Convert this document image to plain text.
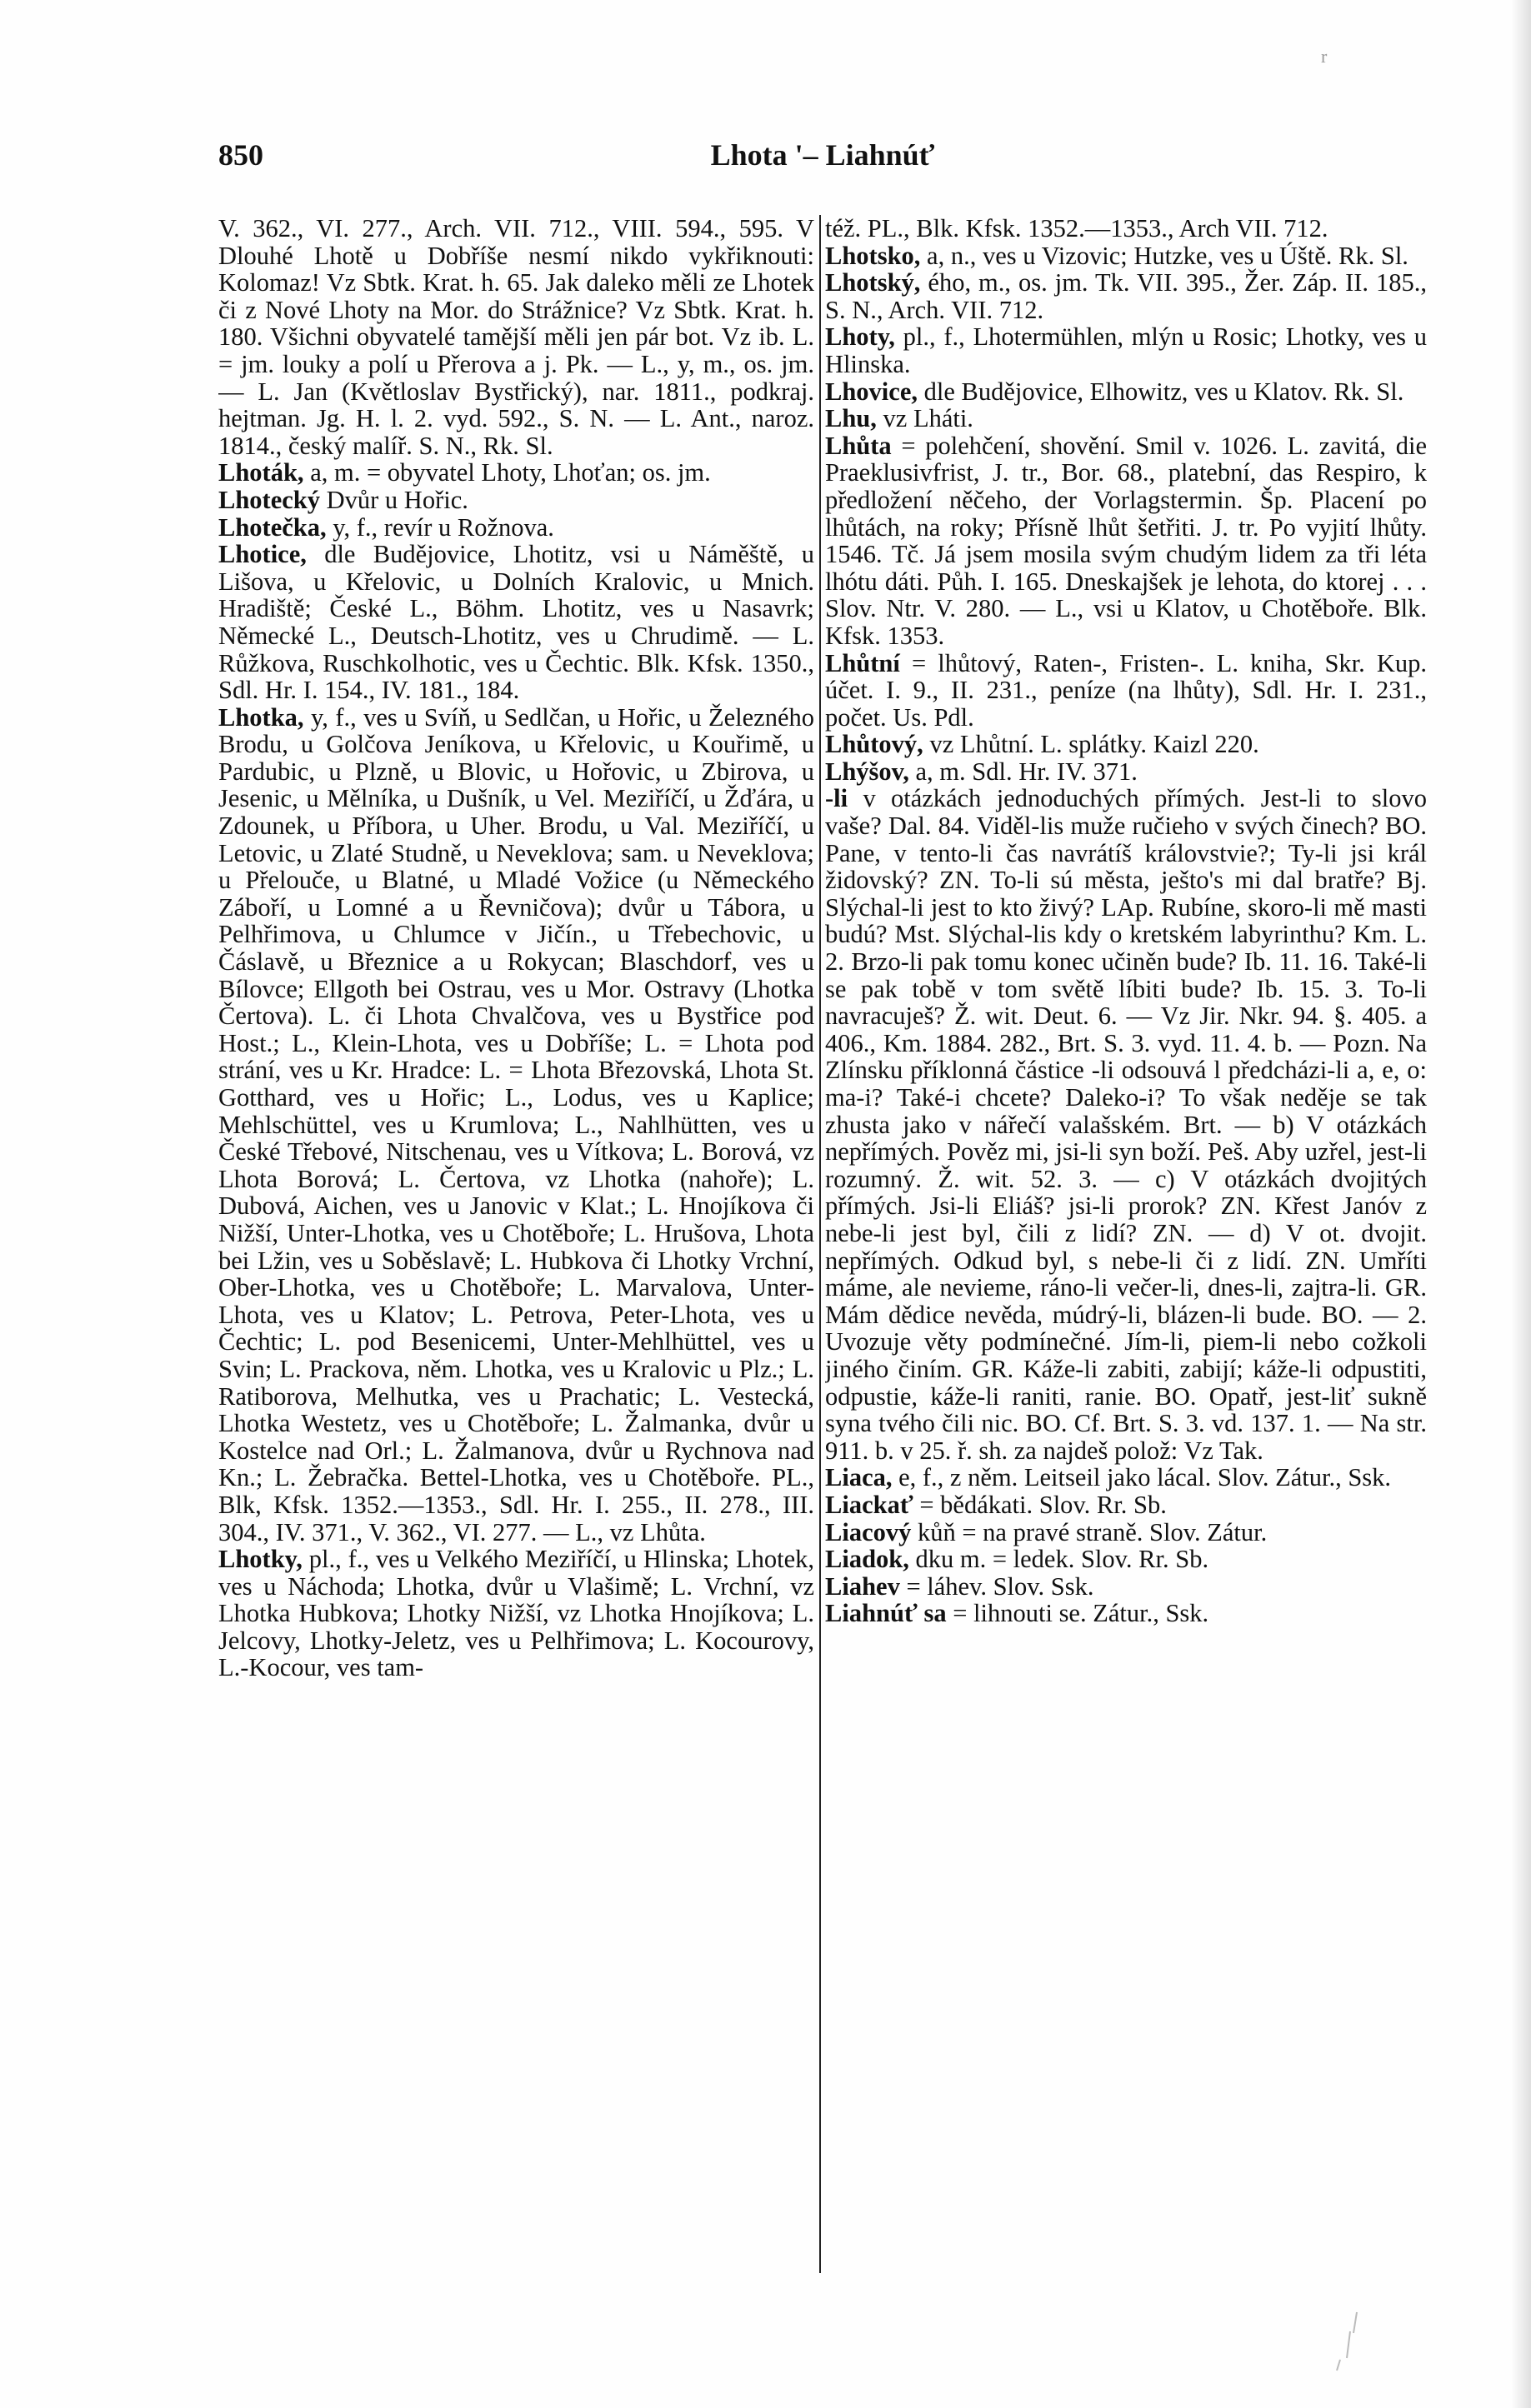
r
850	Lhota '– Liahnúť

V. 362., VI. 277., Arch. VII. 712., VIII. 594., 595. V Dlouhé Lhotě u Dobříše nesmí nikdo vykřiknouti: Kolomaz! Vz Sbtk. Krat. h. 65. Jak daleko měli ze Lhotek či z Nové Lhoty na Mor. do Strážnice? Vz Sbtk. Krat. h. 180. Všichni obyvatelé tamější měli jen pár bot. Vz ib. L. = jm. louky a polí u Přerova a j. Pk. — L., y, m., os. jm. — L. Jan (Květloslav Bystřický), nar. 1811., podkraj. hejtman. Jg. H. l. 2. vyd. 592., S. N. — L. Ant., naroz. 1814., český malíř. S. N., Rk. Sl.

Lhoták, a, m. = obyvatel Lhoty, Lhoťan; os. jm.

Lhotecký Dvůr u Hořic.

Lhotečka, y, f., revír u Rožnova.

Lhotice, dle Budějovice, Lhotitz, vsi u Náměště, u Lišova, u Křelovic, u Dolních Kralovic, u Mnich. Hradiště; České L., Böhm. Lhotitz, ves u Nasavrk; Německé L., Deutsch-Lhotitz, ves u Chrudimě. — L. Růžkova, Ruschkolhotic, ves u Čechtic. Blk. Kfsk. 1350., Sdl. Hr. I. 154., IV. 181., 184.

Lhotka, y, f., ves u Svíň, u Sedlčan, u Hořic, u Železného Brodu, u Golčova Jeníkova, u Křelovic, u Kouřimě, u Pardubic, u Plzně, u Blovic, u Hořovic, u Zbirova, u Jesenic, u Mělníka, u Dušník, u Vel. Meziříčí, u Žďára, u Zdounek, u Příbora, u Uher. Brodu, u Val. Meziříčí, u Letovic, u Zlaté Studně, u Neveklova; sam. u Neveklova; u Přelouče, u Blatné, u Mladé Vožice (u Německého Záboří, u Lomné a u Řevničova); dvůr u Tábora, u Pelhřimova, u Chlumce v Jičín., u Třebechovic, u Čáslavě, u Březnice a u Rokycan; Blaschdorf, ves u Bílovce; Ellgoth bei Ostrau, ves u Mor. Ostravy (Lhotka Čertova). L. či Lhota Chvalčova, ves u Bystřice pod Host.; L., Klein-Lhota, ves u Dobříše; L. = Lhota pod strání, ves u Kr. Hradce: L. = Lhota Březovská, Lhota St. Gotthard, ves u Hořic; L., Lodus, ves u Kaplice; Mehlschüttel, ves u Krumlova; L., Nahlhütten, ves u České Třebové, Nitschenau, ves u Vítkova; L. Borová, vz Lhota Borová; L. Čertova, vz Lhotka (nahoře); L. Dubová, Aichen, ves u Janovic v Klat.; L. Hnojíkova či Nižší, Unter-Lhotka, ves u Chotěboře; L. Hrušova, Lhota bei Lžin, ves u Soběslavě; L. Hubkova či Lhotky Vrchní, Ober-Lhotka, ves u Chotěboře; L. Marvalova, Unter-Lhota, ves u Klatov; L. Petrova, Peter-Lhota, ves u Čechtic; L. pod Besenicemi, Unter-Mehlhüttel, ves u Svin; L. Prackova, něm. Lhotka, ves u Kralovic u Plz.; L. Ratiborova, Melhutka, ves u Prachatic; L. Vestecká, Lhotka Westetz, ves u Chotěboře; L. Žalmanka, dvůr u Kostelce nad Orl.; L. Žalmanova, dvůr u Rychnova nad Kn.; L. Žebračka. Bettel-Lhotka, ves u Chotěboře. PL., Blk, Kfsk. 1352.—1353., Sdl. Hr. I. 255., II. 278., III. 304., IV. 371., V. 362., VI. 277. — L., vz Lhůta.

Lhotky, pl., f., ves u Velkého Meziříčí, u Hlinska; Lhotek, ves u Náchoda; Lhotka, dvůr u Vlašimě; L. Vrchní, vz Lhotka Hubkova; Lhotky Nižší, vz Lhotka Hnojíkova; L. Jelcovy, Lhotky-Jeletz, ves u Pelhřimova; L. Kocourovy, L.-Kocour, ves tam-

též. PL., Blk. Kfsk. 1352.—1353., Arch VII. 712.

Lhotsko, a, n., ves u Vizovic; Hutzke, ves u Úště. Rk. Sl.

Lhotský, ého, m., os. jm. Tk. VII. 395., Žer. Záp. II. 185., S. N., Arch. VII. 712.

Lhoty, pl., f., Lhotermühlen, mlýn u Rosic; Lhotky, ves u Hlinska.

Lhovice, dle Budějovice, Elhowitz, ves u Klatov. Rk. Sl.

Lhu, vz Lháti.

Lhůta = polehčení, shovění. Smil v. 1026. L. zavitá, die Praeklusivfrist, J. tr., Bor. 68., platební, das Respiro, k předložení něčeho, der Vorlagstermin. Šp. Placení po lhůtách, na roky; Přísně lhůt šetřiti. J. tr. Po vyjití lhůty. 1546. Tč. Já jsem mosila svým chudým lidem za tři léta lhótu dáti. Půh. I. 165. Dneskajšek je lehota, do ktorej . . . Slov. Ntr. V. 280. — L., vsi u Klatov, u Chotěboře. Blk. Kfsk. 1353.

Lhůtní = lhůtový, Raten-, Fristen-. L. kniha, Skr. Kup. účet. I. 9., II. 231., peníze (na lhůty), Sdl. Hr. I. 231., počet. Us. Pdl.

Lhůtový, vz Lhůtní. L. splátky. Kaizl 220.

Lhýšov, a, m. Sdl. Hr. IV. 371.

-li v otázkách jednoduchých přímých. Jest-li to slovo vaše? Dal. 84. Viděl-lis muže ručieho v svých činech? BO. Pane, v tento-li čas navrátíš královstvie?; Ty-li jsi král židovský? ZN. To-li sú města, ješto's mi dal bratře? Bj. Slýchal-li jest to kto živý? LAp. Rubíne, skoro-li mě masti budú? Mst. Slýchal-lis kdy o kretském labyrinthu? Km. L. 2. Brzo-li pak tomu konec učiněn bude? Ib. 11. 16. Také-li se pak tobě v tom světě líbiti bude? Ib. 15. 3. To-li navracuješ? Ž. wit. Deut. 6. — Vz Jir. Nkr. 94. §. 405. a 406., Km. 1884. 282., Brt. S. 3. vyd. 11. 4. b. — Pozn. Na Zlínsku příklonná částice -li odsouvá l předcházi-li a, e, o: ma-i? Také-i chcete? Daleko-i? To však neděje se tak zhusta jako v nářečí valašském. Brt. — b) V otázkách nepřímých. Pověz mi, jsi-li syn boží. Peš. Aby uzřel, jest-li rozumný. Ž. wit. 52. 3. — c) V otázkách dvojitých přímých. Jsi-li Eliáš? jsi-li prorok? ZN. Křest Janóv z nebe-li jest byl, čili z lidí? ZN. — d) V ot. dvojit. nepřímých. Odkud byl, s nebe-li či z lidí. ZN. Umříti máme, ale nevieme, ráno-li večer-li, dnes-li, zajtra-li. GR. Mám dědice nevěda, múdrý-li, blázen-li bude. BO. — 2. Uvozuje věty podmínečné. Jím-li, piem-li nebo cožkoli jiného činím. GR. Káže-li zabiti, zabijí; káže-li odpustiti, odpustie, káže-li raniti, ranie. BO. Opatř, jest-liť sukně syna tvého čili nic. BO. Cf. Brt. S. 3. vd. 137. 1. — Na str. 911. b. v 25. ř. sh. za najdeš polož: Vz Tak.

Liaca, e, f., z něm. Leitseil jako lácal. Slov. Zátur., Ssk.

Liackať = bědákati. Slov. Rr. Sb.

Liacový kůň = na pravé straně. Slov. Zátur.

Liadok, dku m. = ledek. Slov. Rr. Sb.

Liahev = láhev. Slov. Ssk.

Liahnúť sa = lihnouti se. Zátur., Ssk.
